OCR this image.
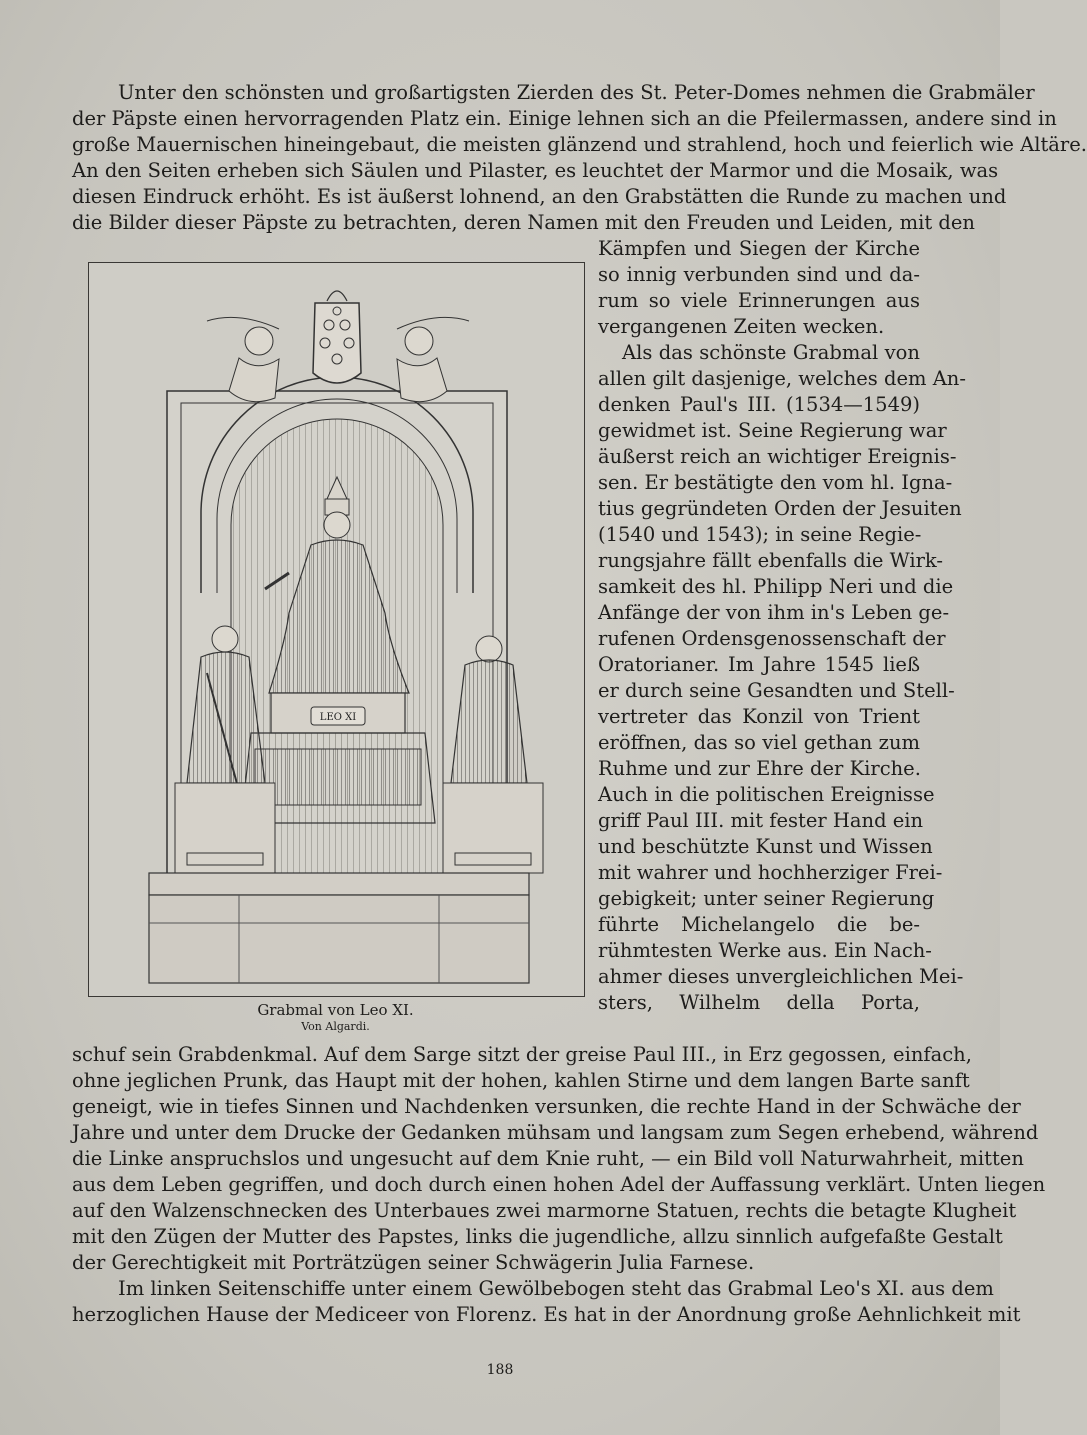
Unter den schönsten und großartigsten Zierden des St. Peter-Domes nehmen die Grabmäler
der Päpste einen hervorragenden Platz ein. Einige lehnen sich an die Pfeilermassen, andere sind in
große Mauernischen hineingebaut, die meisten glänzend und strahlend, hoch und feierlich wie Altäre.
An den Seiten erheben sich Säulen und Pilaster, es leuchtet der Marmor und die Mosaik, was
diesen Eindruck erhöht. Es ist äußerst lohnend, an den Grabstätten die Runde zu machen und
die Bilder dieser Päpste zu betrachten, deren Namen mit den Freuden und Leiden, mit den
Kämpfen und Siegen der Kirche
so innig verbunden sind und da-
rum so viele Erinnerungen aus
vergangenen Zeiten wecken.
Als das schönste Grabmal von
allen gilt dasjenige, welches dem An-
denken Paul's III. (1534—1549)
gewidmet ist. Seine Regierung war
äußerst reich an wichtiger Ereignis-
sen. Er bestätigte den vom hl. Igna-
tius gegründeten Orden der Jesuiten
(1540 und 1543); in seine Regie-
rungsjahre fällt ebenfalls die Wirk-
samkeit des hl. Philipp Neri und die
Anfänge der von ihm in's Leben ge-
rufenen Ordensgenossenschaft der
Oratorianer. Im Jahre 1545 ließ
er durch seine Gesandten und Stell-
vertreter das Konzil von Trient
eröffnen, das so viel gethan zum
Ruhme und zur Ehre der Kirche.
Auch in die politischen Ereignisse
griff Paul III. mit fester Hand ein
und beschützte Kunst und Wissen
mit wahrer und hochherziger Frei-
gebigkeit; unter seiner Regierung
führte Michelangelo die be-
rühmtesten Werke aus. Ein Nach-
ahmer dieses unvergleichlichen Mei-
sters, Wilhelm della Porta,
LEO XI
Grabmal von Leo XI.
Von Algardi.
schuf sein Grabdenkmal. Auf dem Sarge sitzt der greise Paul III., in Erz gegossen, einfach,
ohne jeglichen Prunk, das Haupt mit der hohen, kahlen Stirne und dem langen Barte sanft
geneigt, wie in tiefes Sinnen und Nachdenken versunken, die rechte Hand in der Schwäche der
Jahre und unter dem Drucke der Gedanken mühsam und langsam zum Segen erhebend, während
die Linke anspruchslos und ungesucht auf dem Knie ruht, — ein Bild voll Naturwahrheit, mitten
aus dem Leben gegriffen, und doch durch einen hohen Adel der Auffassung verklärt. Unten liegen
auf den Walzenschnecken des Unterbaues zwei marmorne Statuen, rechts die betagte Klugheit
mit den Zügen der Mutter des Papstes, links die jugendliche, allzu sinnlich aufgefaßte Gestalt
der Gerechtigkeit mit Porträtzügen seiner Schwägerin Julia Farnese.
Im linken Seitenschiffe unter einem Gewölbebogen steht das Grabmal Leo's XI. aus dem
herzoglichen Hause der Mediceer von Florenz. Es hat in der Anordnung große Aehnlichkeit mit
188
